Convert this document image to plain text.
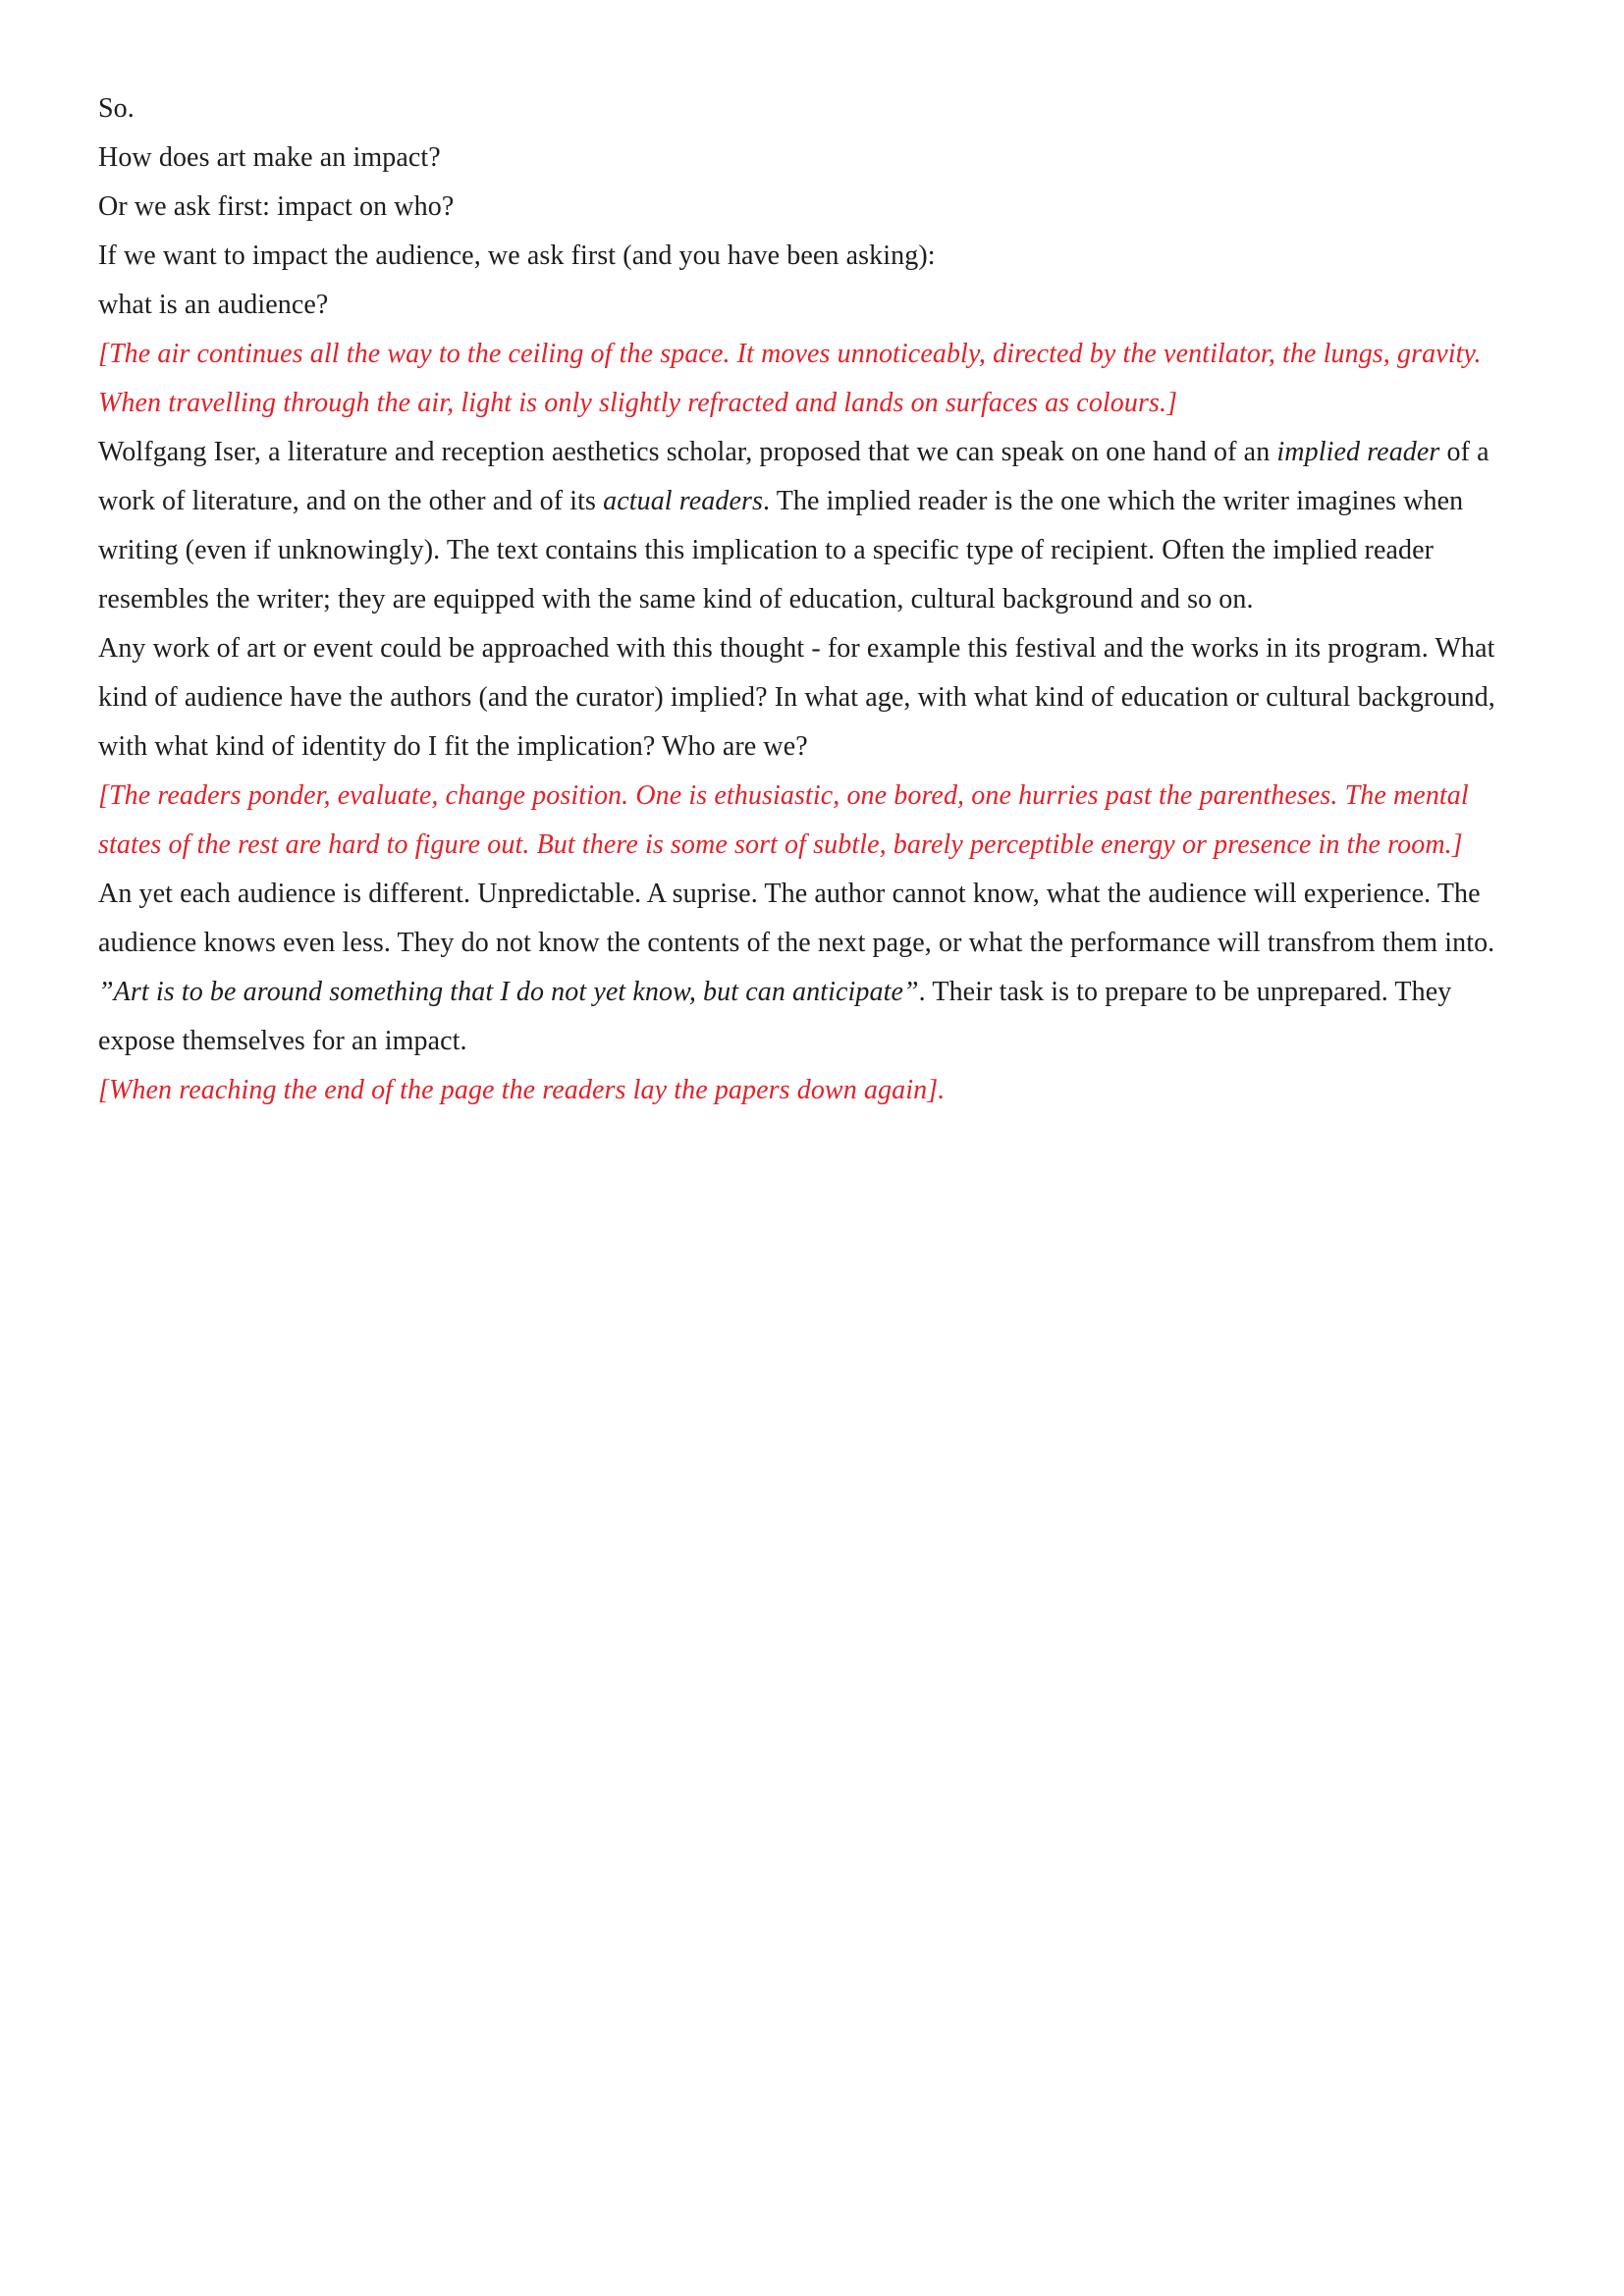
So.

How does art make an impact?

Or we ask first: impact on who?

If we want to impact the audience, we ask first (and you have been asking):
what is an audience?

[The air continues all the way to the ceiling of the space. It moves unnoticeably, directed by the ventilator, the lungs, gravity. When travelling through the air, light is only slightly refracted and lands on surfaces as colours.]

Wolfgang Iser, a literature and reception aesthetics scholar, proposed that we can speak on one hand of an implied reader of a work of literature, and on the other and of its actual readers. The implied reader is the one which the writer imagines when writing (even if unknowingly). The text contains this implication to a specific type of recipient. Often the implied reader resembles the writer; they are equipped with the same kind of education, cultural background and so on.

Any work of art or event could be approached with this thought - for example this festival and the works in its program. What kind of audience have the authors (and the curator) implied? In what age, with what kind of education or cultural background, with what kind of identity do I fit the implication? Who are we?

[The readers ponder, evaluate, change position. One is ethusiastic, one bored, one hurries past the parentheses. The mental states of the rest are hard to figure out. But there is some sort of subtle, barely perceptible energy or presence in the room.]

An yet each audience is different. Unpredictable. A suprise. The author cannot know, what the audience will experience. The audience knows even less. They do not know the contents of the next page, or what the performance will transfrom them into. ”Art is to be around something that I do not yet know, but can anticipate”. Their task is to prepare to be unprepared. They expose themselves for an impact.

[When reaching the end of the page the readers lay the papers down again].
